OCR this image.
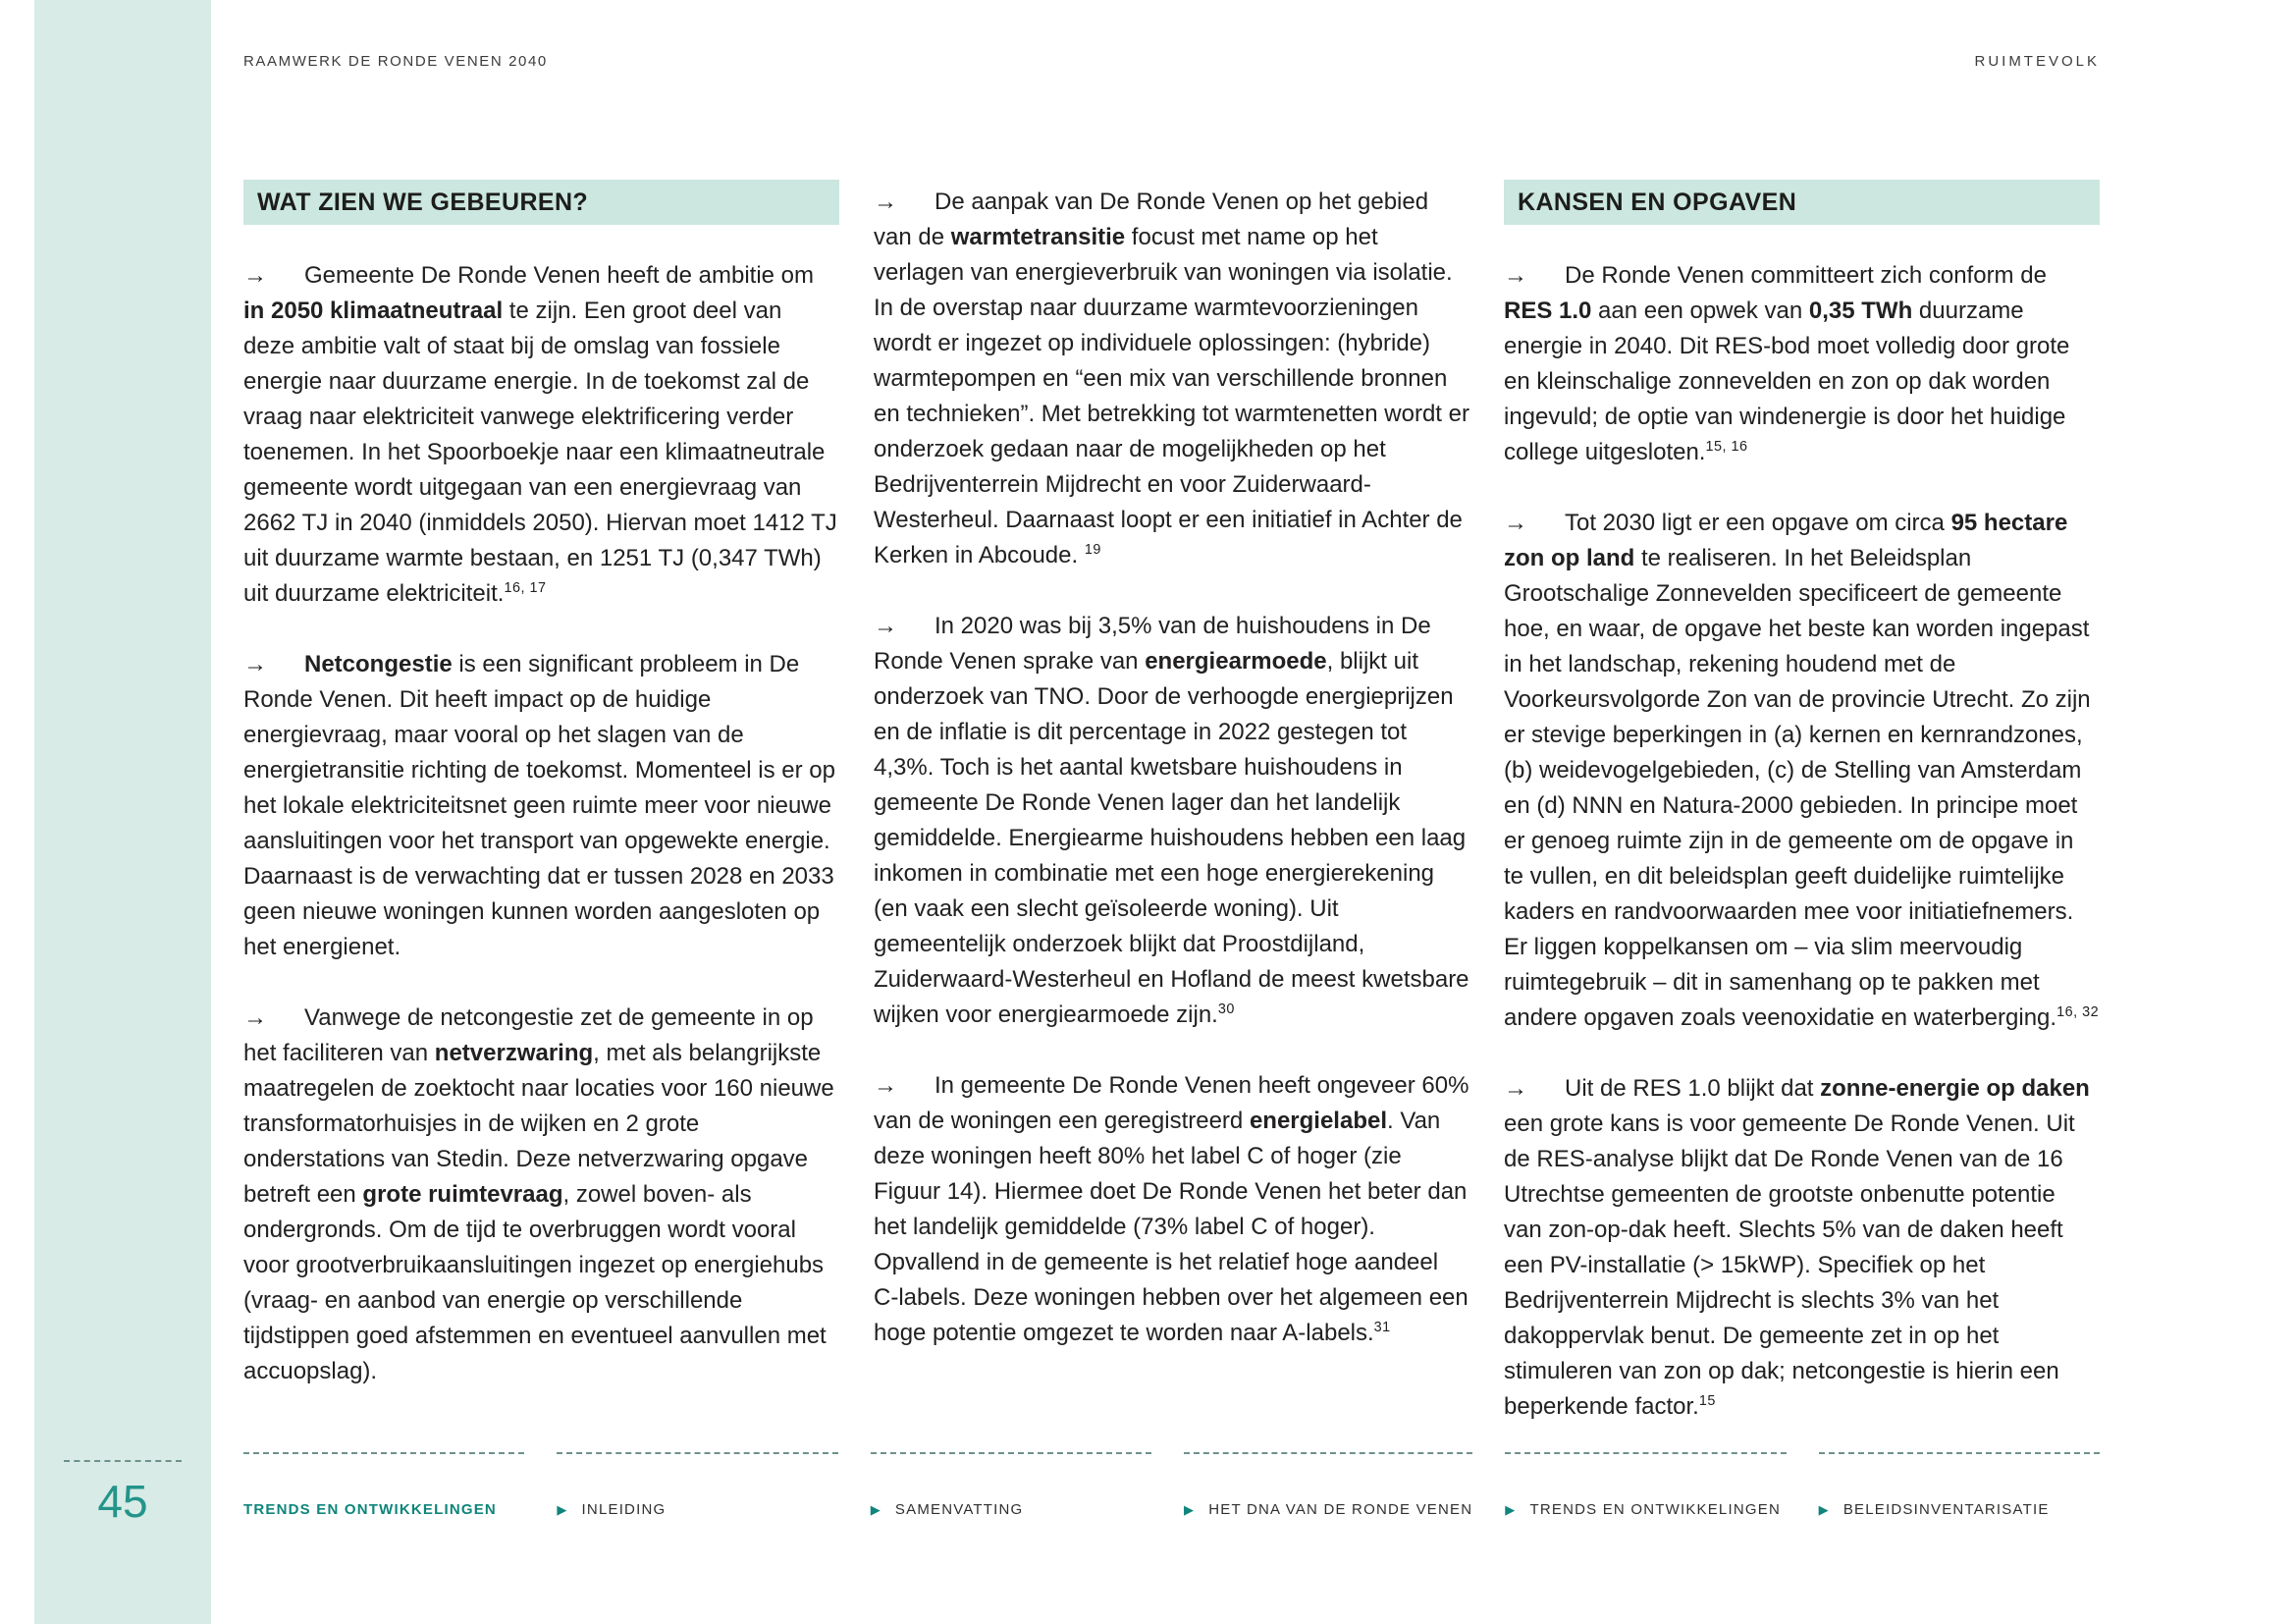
45
RAAMWERK DE RONDE VENEN 2040	RUIMTEVOLK
WAT ZIEN WE GEBEUREN?

→ Gemeente De Ronde Venen heeft de ambitie om in 2050 klimaatneutraal te zijn. Een groot deel van deze ambitie valt of staat bij de omslag van fossiele energie naar duurzame energie. In de toekomst zal de vraag naar elektriciteit vanwege elektrificering verder toenemen. In het Spoorboekje naar een klimaatneutrale gemeente wordt uitgegaan van een energievraag van 2662 TJ in 2040 (inmiddels 2050). Hiervan moet 1412 TJ uit duurzame warmte bestaan, en 1251 TJ (0,347 TWh) uit duurzame elektriciteit.$^{16, 17}$

→ Netcongestie is een significant probleem in De Ronde Venen. Dit heeft impact op de huidige energievraag, maar vooral op het slagen van de energietransitie richting de toekomst. Momenteel is er op het lokale elektriciteitsnet geen ruimte meer voor nieuwe aansluitingen voor het transport van opgewekte energie. Daarnaast is de verwachting dat er tussen 2028 en 2033 geen nieuwe woningen kunnen worden aangesloten op het energienet.

→ Vanwege de netcongestie zet de gemeente in op het faciliteren van netverzwaring, met als belangrijkste maatregelen de zoektocht naar locaties voor 160 nieuwe transformatorhuisjes in de wijken en 2 grote onderstations van Stedin. Deze netverzwaring opgave betreft een grote ruimtevraag, zowel boven- als ondergronds. Om de tijd te overbruggen wordt vooral voor grootverbruikaansluitingen ingezet op energiehubs (vraag- en aanbod van energie op verschillende tijdstippen goed afstemmen en eventueel aanvullen met accuopslag).

→ De aanpak van De Ronde Venen op het gebied van de warmtetransitie focust met name op het verlagen van energieverbruik van woningen via isolatie. In de overstap naar duurzame warmtevoorzieningen wordt er ingezet op individuele oplossingen: (hybride) warmtepompen en “een mix van verschillende bronnen en technieken”. Met betrekking tot warmtenetten wordt er onderzoek gedaan naar de mogelijkheden op het Bedrijventerrein Mijdrecht en voor Zuiderwaard-Westerheul. Daarnaast loopt er een initiatief in Achter de Kerken in Abcoude. $^{19}$

→ In 2020 was bij 3,5% van de huishoudens in De Ronde Venen sprake van energiearmoede, blijkt uit onderzoek van TNO. Door de verhoogde energieprijzen en de inflatie is dit percentage in 2022 gestegen tot 4,3%. Toch is het aantal kwetsbare huishoudens in gemeente De Ronde Venen lager dan het landelijk gemiddelde. Energiearme huishoudens hebben een laag inkomen in combinatie met een hoge energierekening (en vaak een slecht geïsoleerde woning). Uit gemeentelijk onderzoek blijkt dat Proostdijland, Zuiderwaard-Westerheul en Hofland de meest kwetsbare wijken voor energiearmoede zijn.$^{30}$

→ In gemeente De Ronde Venen heeft ongeveer 60% van de woningen een geregistreerd energielabel. Van deze woningen heeft 80% het label C of hoger (zie Figuur 14). Hiermee doet De Ronde Venen het beter dan het landelijk gemiddelde (73% label C of hoger). Opvallend in de gemeente is het relatief hoge aandeel C-labels. Deze woningen hebben over het algemeen een hoge potentie omgezet te worden naar A-labels.$^{31}$

KANSEN EN OPGAVEN

→ De Ronde Venen committeert zich conform de RES 1.0 aan een opwek van 0,35 TWh duurzame energie in 2040. Dit RES-bod moet volledig door grote en kleinschalige zonnevelden en zon op dak worden ingevuld; de optie van windenergie is door het huidige college uitgesloten.$^{15, 16}$

→ Tot 2030 ligt er een opgave om circa 95 hectare zon op land te realiseren. In het Beleidsplan Grootschalige Zonnevelden specificeert de gemeente hoe, en waar, de opgave het beste kan worden ingepast in het landschap, rekening houdend met de Voorkeursvolgorde Zon van de provincie Utrecht. Zo zijn er stevige beperkingen in (a) kernen en kernrandzones, (b) weidevogelgebieden, (c) de Stelling van Amsterdam en (d) NNN en Natura-2000 gebieden. In principe moet er genoeg ruimte zijn in de gemeente om de opgave in te vullen, en dit beleidsplan geeft duidelijke ruimtelijke kaders en randvoorwaarden mee voor initiatiefnemers. Er liggen koppelkansen om – via slim meervoudig ruimtegebruik – dit in samenhang op te pakken met andere opgaven zoals veenoxidatie en waterberging.$^{16, 32}$

→ Uit de RES 1.0 blijkt dat zonne-energie op daken een grote kans is voor gemeente De Ronde Venen. Uit de RES-analyse blijkt dat De Ronde Venen van de 16 Utrechtse gemeenten de grootste onbenutte potentie van zon-op-dak heeft. Slechts 5% van de daken heeft een PV-installatie (> 15kWP). Specifiek op het Bedrijventerrein Mijdrecht is slechts 3% van het dakoppervlak benut. De gemeente zet in op het stimuleren van zon op dak; netcongestie is hierin een beperkende factor.$^{15}$

TRENDS EN ONTWIKKELINGEN	▶ INLEIDING	▶ SAMENVATTING	▶ HET DNA VAN DE RONDE VENEN	▶ TRENDS EN ONTWIKKELINGEN	▶ BELEIDSINVENTARISATIE
